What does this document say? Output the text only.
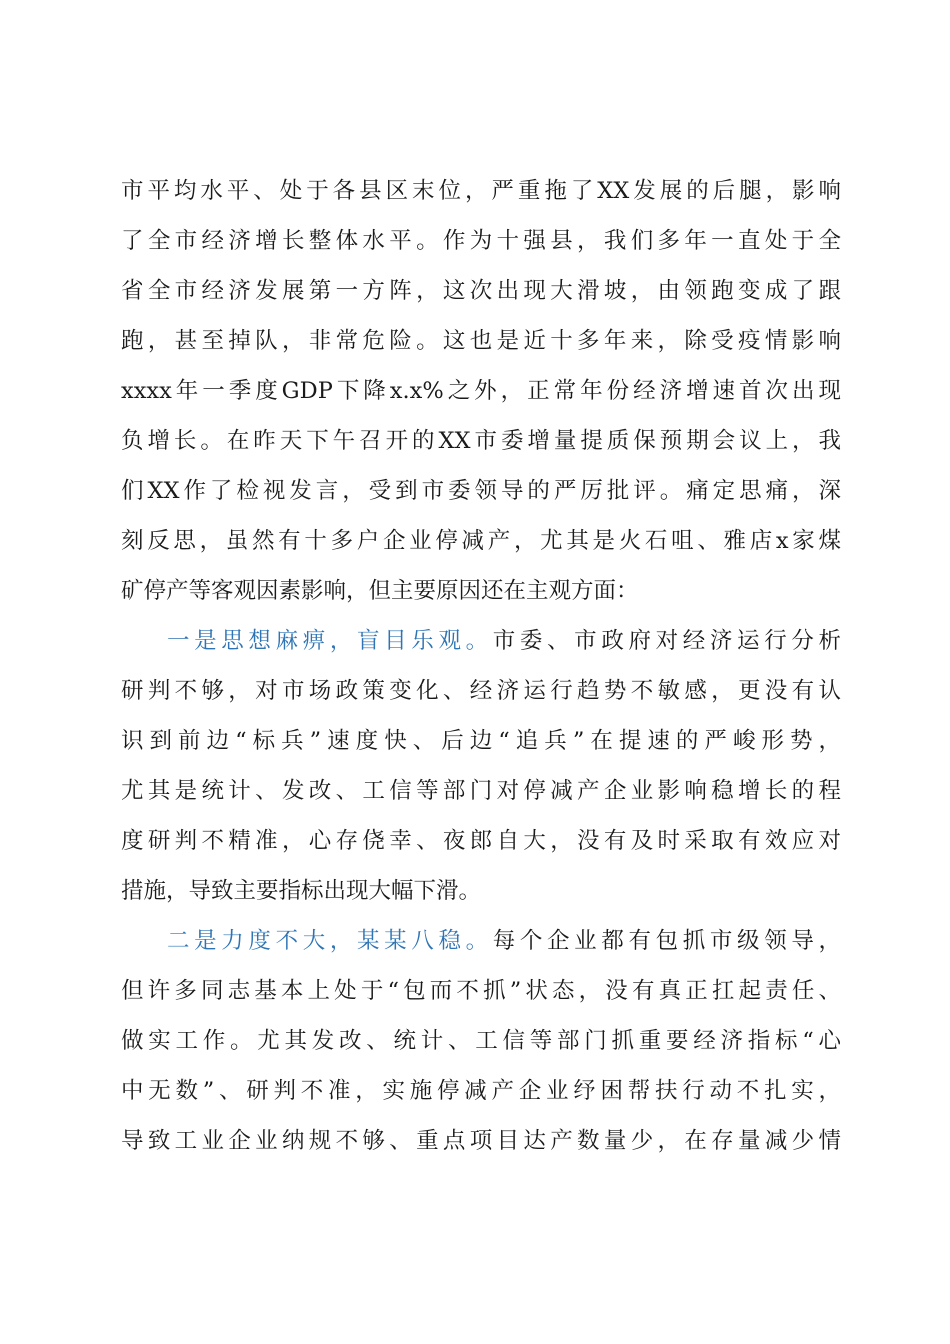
市平均水平、处于各县区末位，严重拖了XX发展的后腿，影响
了全市经济增长整体水平。作为十强县，我们多年一直处于全
省全市经济发展第一方阵，这次出现大滑坡，由领跑变成了跟
跑，甚至掉队，非常危险。这也是近十多年来，除受疫情影响
xxxx年一季度GDP下降x.x%之外，正常年份经济增速首次出现
负增长。在昨天下午召开的XX市委增量提质保预期会议上，我
们XX作了检视发言，受到市委领导的严厉批评。痛定思痛，深
刻反思，虽然有十多户企业停减产，尤其是火石咀、雅店x家煤
矿停产等客观因素影响，但主要原因还在主观方面：
一是思想麻痹，盲目乐观。市委、市政府对经济运行分析
研判不够，对市场政策变化、经济运行趋势不敏感，更没有认
识到前边“标兵”速度快、后边“追兵”在提速的严峻形势，
尤其是统计、发改、工信等部门对停减产企业影响稳增长的程
度研判不精准，心存侥幸、夜郎自大，没有及时采取有效应对
措施，导致主要指标出现大幅下滑。
二是力度不大，某某八稳。每个企业都有包抓市级领导，
但许多同志基本上处于“包而不抓”状态，没有真正扛起责任、
做实工作。尤其发改、统计、工信等部门抓重要经济指标“心
中无数”、研判不准，实施停减产企业纾困帮扶行动不扎实，
导致工业企业纳规不够、重点项目达产数量少，在存量减少情
